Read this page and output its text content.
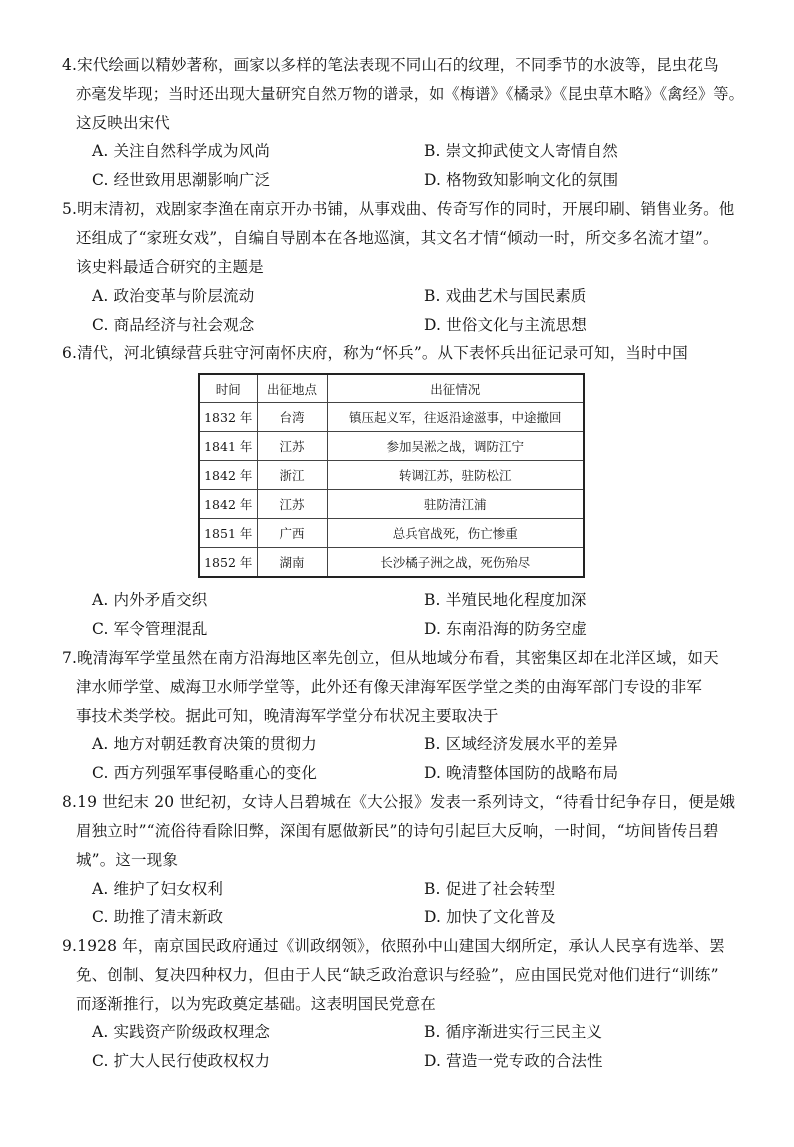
4.宋代绘画以精妙著称，画家以多样的笔法表现不同山石的纹理，不同季节的水波等，昆虫花鸟
亦毫发毕现；当时还出现大量研究自然万物的谱录，如《梅谱》《橘录》《昆虫草木略》《禽经》等。
这反映出宋代
A. 关注自然科学成为风尚	B. 崇文抑武使文人寄情自然
C. 经世致用思潮影响广泛	D. 格物致知影响文化的氛围
5.明末清初，戏剧家李渔在南京开办书铺，从事戏曲、传奇写作的同时，开展印刷、销售业务。他
还组成了“家班女戏”，自编自导剧本在各地巡演，其文名才情“倾动一时，所交多名流才望”。
该史料最适合研究的主题是
A. 政治变革与阶层流动	B. 戏曲艺术与国民素质
C. 商品经济与社会观念	D. 世俗文化与主流思想
6.清代，河北镇绿营兵驻守河南怀庆府，称为“怀兵”。从下表怀兵出征记录可知，当时中国
时间	出征地点	出征情况
1832 年	台湾	镇压起义军，往返沿途滋事，中途撤回
1841 年	江苏	参加吴淞之战，调防江宁
1842 年	浙江	转调江苏，驻防松江
1842 年	江苏	驻防清江浦
1851 年	广西	总兵官战死，伤亡惨重
1852 年	湖南	长沙橘子洲之战，死伤殆尽
A. 内外矛盾交织	B. 半殖民地化程度加深
C. 军令管理混乱	D. 东南沿海的防务空虚
7.晚清海军学堂虽然在南方沿海地区率先创立，但从地域分布看，其密集区却在北洋区域，如天
津水师学堂、威海卫水师学堂等，此外还有像天津海军医学堂之类的由海军部门专设的非军
事技术类学校。据此可知，晚清海军学堂分布状况主要取决于
A. 地方对朝廷教育决策的贯彻力	B. 区域经济发展水平的差异
C. 西方列强军事侵略重心的变化	D. 晚清整体国防的战略布局
8.19 世纪末 20 世纪初，女诗人吕碧城在《大公报》发表一系列诗文，“待看廿纪争存日，便是娥
眉独立时”“流俗待看除旧弊，深闺有愿做新民”的诗句引起巨大反响，一时间，“坊间皆传吕碧
城”。这一现象
A. 维护了妇女权利	B. 促进了社会转型
C. 助推了清末新政	D. 加快了文化普及
9.1928 年，南京国民政府通过《训政纲领》，依照孙中山建国大纲所定，承认人民享有选举、罢
免、创制、复决四种权力，但由于人民“缺乏政治意识与经验”，应由国民党对他们进行“训练”
而逐渐推行，以为宪政奠定基础。这表明国民党意在
A. 实践资产阶级政权理念	B. 循序渐进实行三民主义
C. 扩大人民行使政权权力	D. 营造一党专政的合法性
